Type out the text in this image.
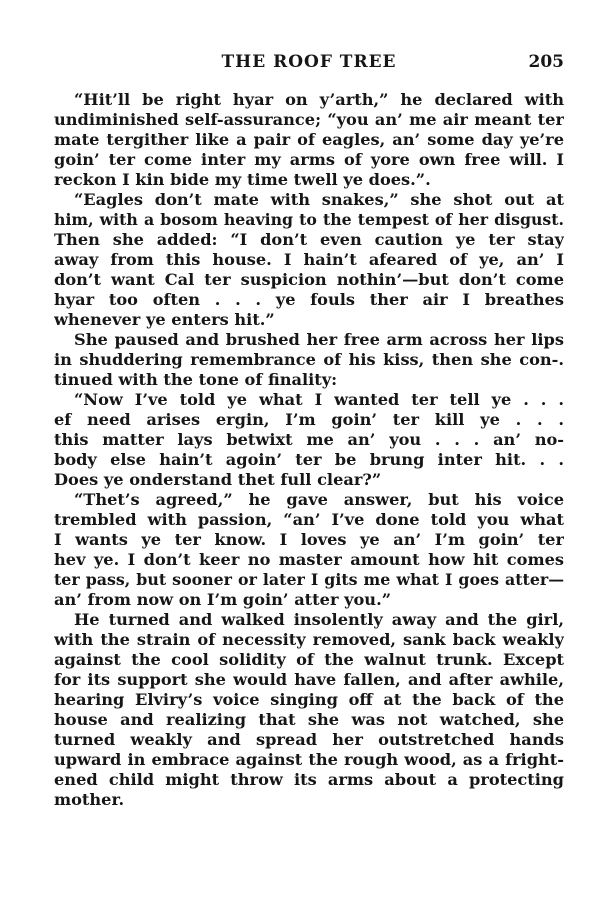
THE ROOF TREE	205
“Hit’ll be right hyar on y’arth,” he declared with
undiminished self-assurance; “you an’ me air meant ter
mate tergither like a pair of eagles, an’ some day ye’re
goin’ ter come inter my arms of yore own free will. I
reckon I kin bide my time twell ye does.”.
“Eagles don’t mate with snakes,” she shot out at
him, with a bosom heaving to the tempest of her disgust.
Then she added: “I don’t even caution ye ter stay
away from this house. I hain’t afeared of ye, an’ I
don’t want Cal ter suspicion nothin’—but don’t come
hyar too often . . . ye fouls ther air I breathes
whenever ye enters hit.”
She paused and brushed her free arm across her lips
in shuddering remembrance of his kiss, then she con-.
tinued with the tone of finality:
“Now I’ve told ye what I wanted ter tell ye . . .
ef need arises ergin, I’m goin’ ter kill ye . . .
this matter lays betwixt me an’ you . . . an’ no-
body else hain’t agoin’ ter be brung inter hit. . .
Does ye onderstand thet full clear?”
“Thet’s agreed,” he gave answer, but his voice
trembled with passion, “an’ I’ve done told you what
I wants ye ter know. I loves ye an’ I’m goin’ ter
hev ye. I don’t keer no master amount how hit comes
ter pass, but sooner or later I gits me what I goes atter—
an’ from now on I’m goin’ atter you.”
He turned and walked insolently away and the girl,
with the strain of necessity removed, sank back weakly
against the cool solidity of the walnut trunk. Except
for its support she would have fallen, and after awhile,
hearing Elviry’s voice singing off at the back of the
house and realizing that she was not watched, she
turned weakly and spread her outstretched hands
upward in embrace against the rough wood, as a fright-
ened child might throw its arms about a protecting
mother.
